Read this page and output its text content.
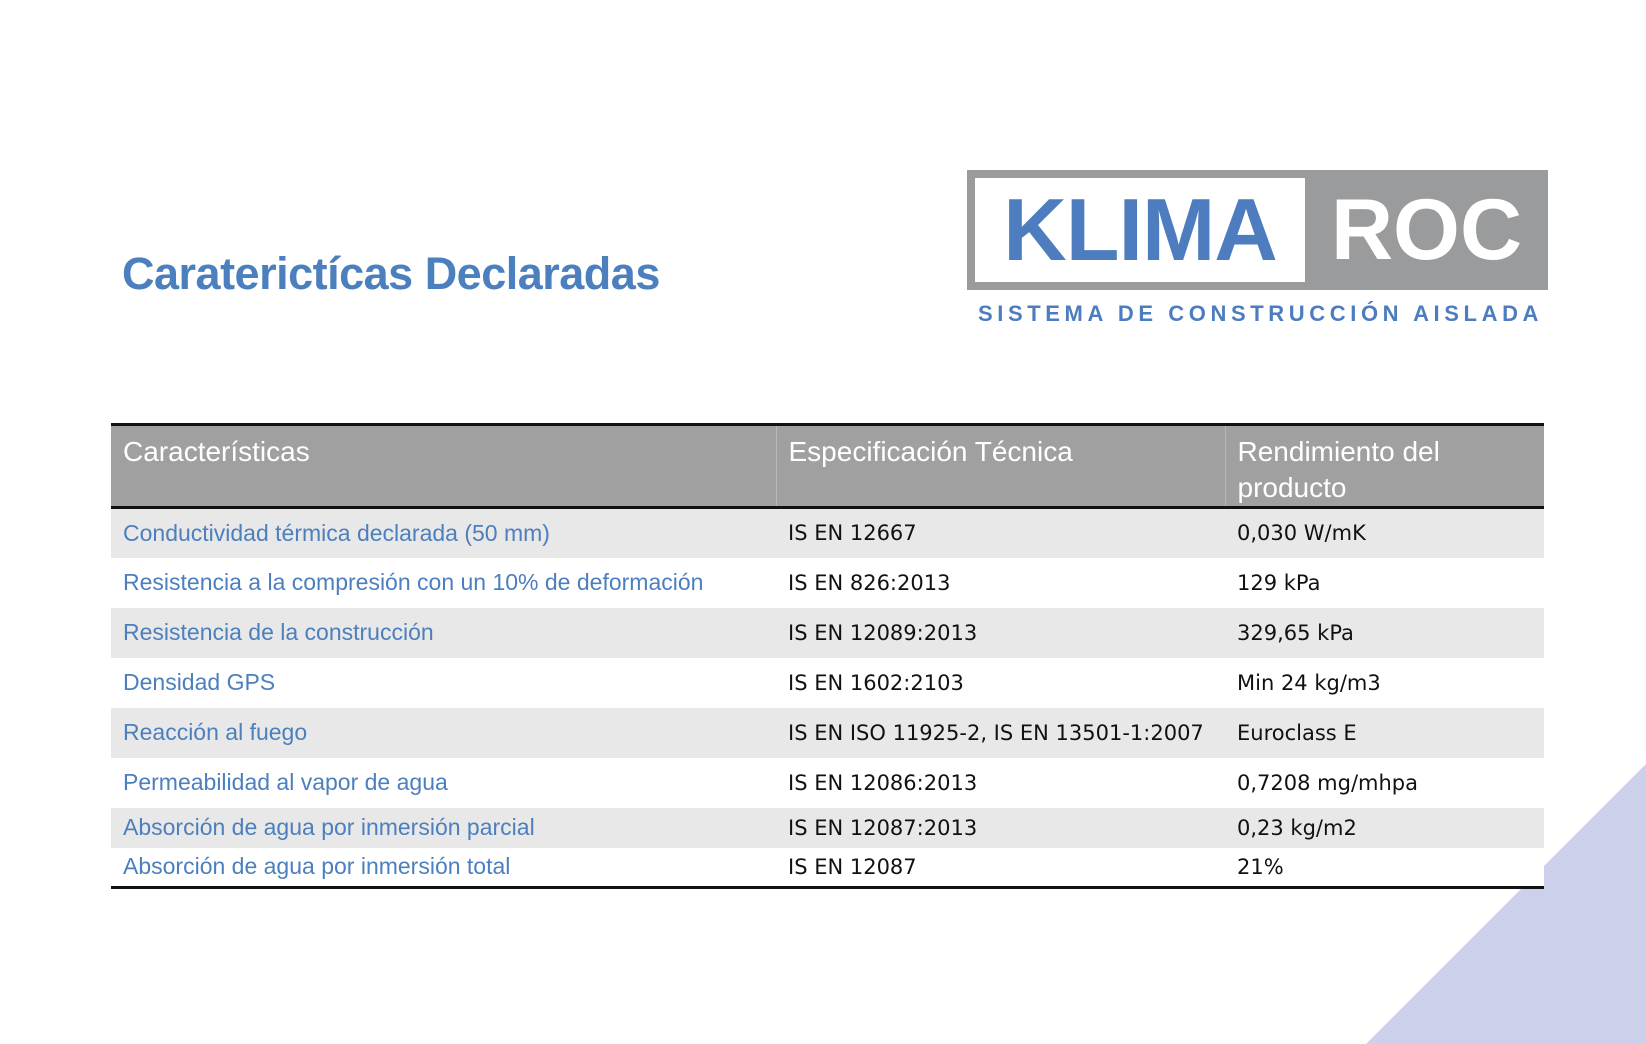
Caraterictícas Declaradas	KLIMA ROC
SISTEMA DE CONSTRUCCIÓN AISLADA
Características	Especificación Técnica	Rendimiento del producto
Conductividad térmica declarada (50 mm)	IS EN 12667	0,030 W/mK
Resistencia a la compresión con un 10% de deformación	IS EN 826:2013	129 kPa
Resistencia de la construcción	IS EN 12089:2013	329,65 kPa
Densidad GPS	IS EN 1602:2103	Min 24 kg/m3
Reacción al fuego	IS EN ISO 11925-2, IS EN 13501-1:2007	Euroclass E
Permeabilidad al vapor de agua	IS EN 12086:2013	0,7208 mg/mhpa
Absorción de agua por inmersión parcial	IS EN 12087:2013	0,23 kg/m2
Absorción de agua por inmersión total	IS EN 12087	21%
